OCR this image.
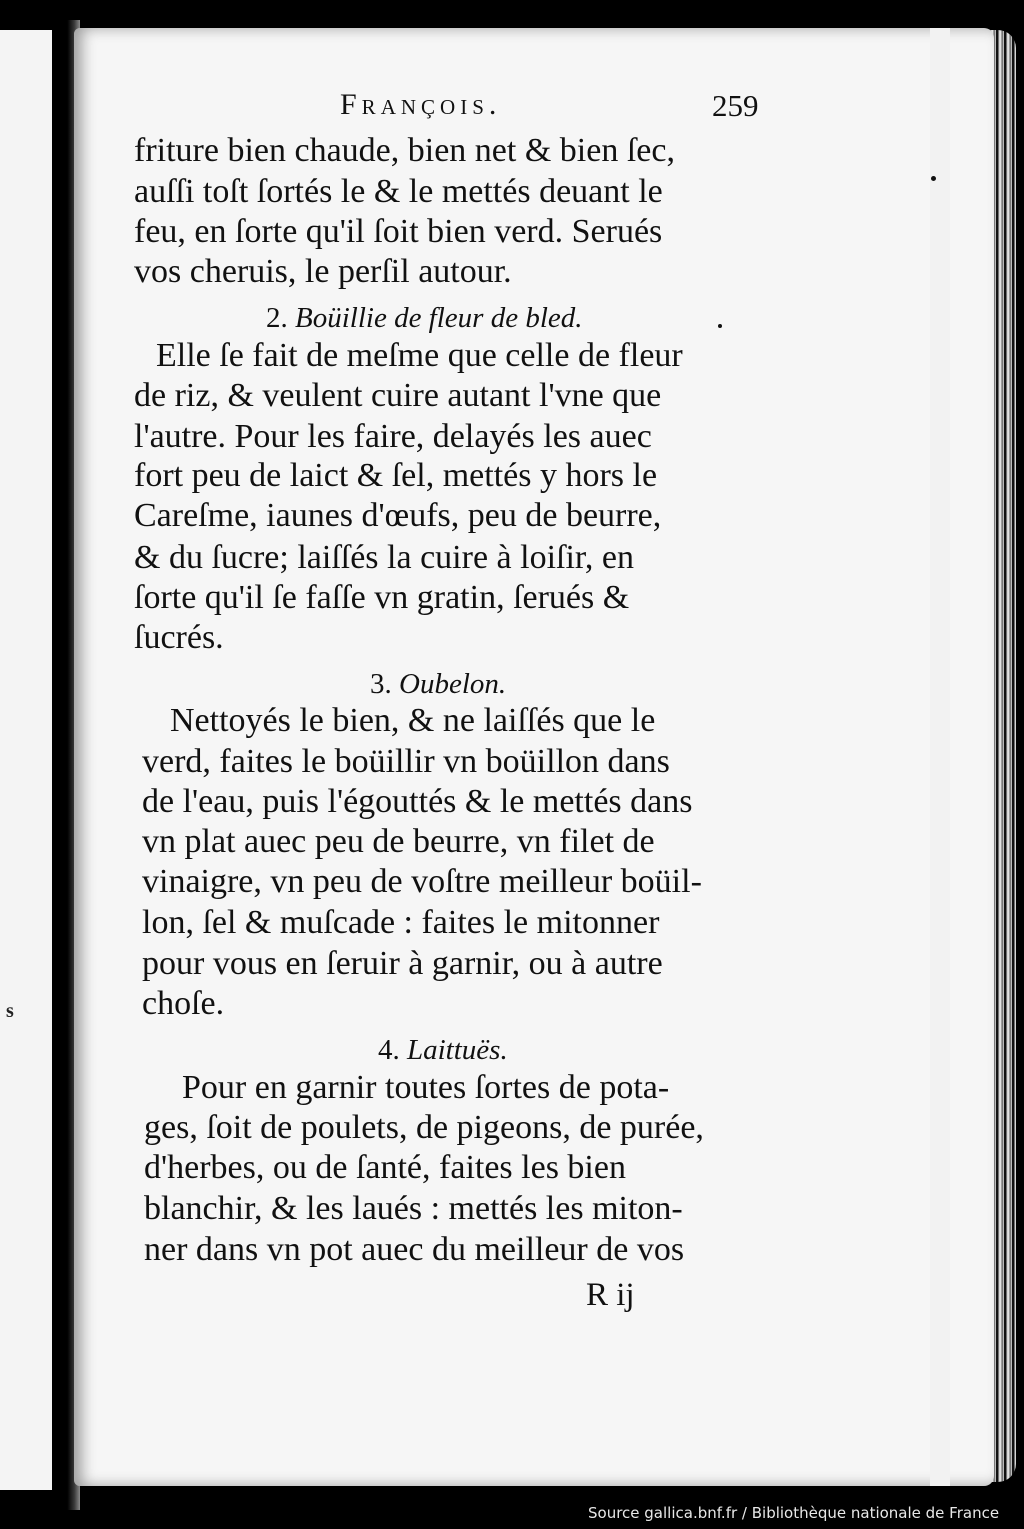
s
François.	259
friture bien chaude, bien net & bien ſec,
auſſi toſt ſortés le & le mettés deuant le
feu, en ſorte qu'il ſoit bien verd. Serués
vos cheruis, le perſil autour.
2. Boüillie de fleur de bled.
Elle ſe fait de meſme que celle de fleur
de riz, & veulent cuire autant l'vne que
l'autre. Pour les faire, delayés les auec
fort peu de laict & ſel, mettés y hors le
Careſme, iaunes d'œufs, peu de beurre,
& du ſucre; laiſſés la cuire à loiſir, en
ſorte qu'il ſe faſſe vn gratin, ſerués &
ſucrés.
3. Oubelon.
Nettoyés le bien, & ne laiſſés que le
verd, faites le boüillir vn boüillon dans
de l'eau, puis l'égouttés & le mettés dans
vn plat auec peu de beurre, vn filet de
vinaigre, vn peu de voſtre meilleur boüil-
lon, ſel & muſcade : faites le mitonner
pour vous en ſeruir à garnir, ou à autre
choſe.
4. Laittuës.
Pour en garnir toutes ſortes de pota-
ges, ſoit de poulets, de pigeons, de purée,
d'herbes, ou de ſanté, faites les bien
blanchir, & les laués : mettés les miton-
ner dans vn pot auec du meilleur de vos
R ij
Source gallica.bnf.fr / Bibliothèque nationale de France
